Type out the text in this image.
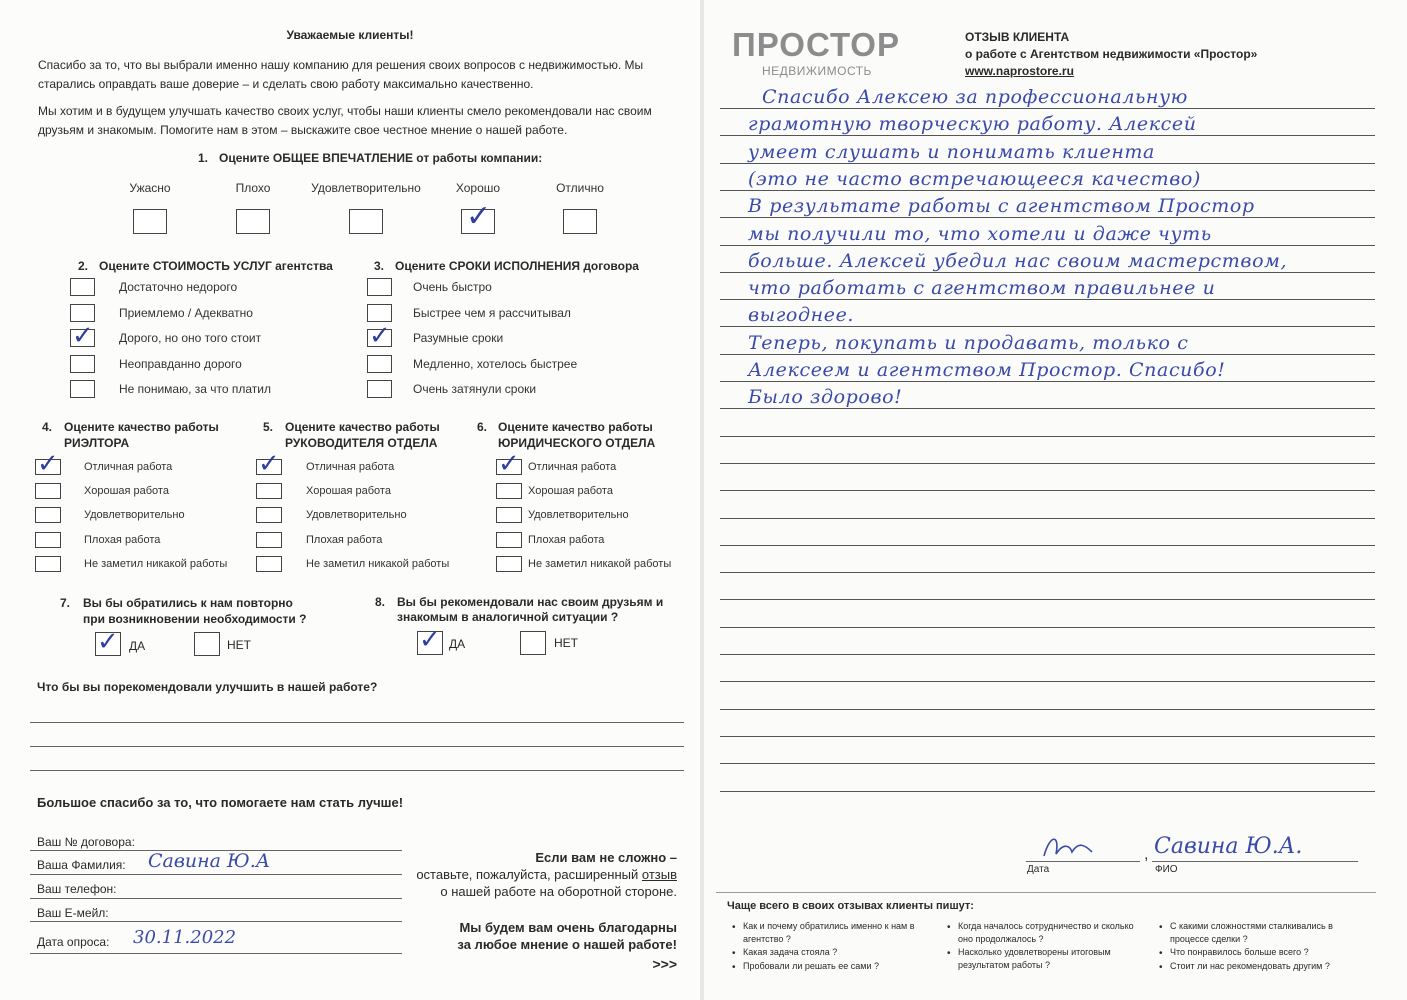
Уважаемые клиенты!
Спасибо за то, что вы выбрали именно нашу компанию для решения своих вопросов с недвижимостью. Мы старались оправдать ваше доверие – и сделать свою работу максимально качественно.
Мы хотим и в будущем улучшать качество своих услуг, чтобы наши клиенты смело рекомендовали нас своим друзьям и знакомым. Помогите нам в этом – выскажите свое честное мнение о нашей работе.
1. Оцените ОБЩЕЕ ВПЕЧАТЛЕНИЕ от работы компании:
Ужасно	Плохо	Удовлетворительно	Хорошо
✓
Отлично
2. Оцените СТОИМОСТЬ УСЛУГ агентства	3. Оцените СРОКИ ИСПОЛНЕНИЯ договора
Достаточно недорого
Приемлемо / Адекватно
Дорого, но оно того стоит
✓
Неоправданно дорого
Не понимаю, за что платил
Очень быстро
Быстрее чем я рассчитывал
Разумные сроки
✓
Медленно, хотелось быстрее
Очень затянули сроки
4. Оцените качество работы
РИЭЛТОРА
5. Оцените качество работы
РУКОВОДИТЕЛЯ ОТДЕЛА
6. Оцените качество работы
ЮРИДИЧЕСКОГО ОТДЕЛА
Отличная работа
✓
Хорошая работа
Удовлетворительно
Плохая работа
Не заметил никакой работы
Отличная работа
✓
Хорошая работа
Удовлетворительно
Плохая работа
Не заметил никакой работы
Отличная работа
✓
Хорошая работа
Удовлетворительно
Плохая работа
Не заметил никакой работы
7. Вы бы обратились к нам повторно
при возникновении необходимости ?
✓ ДА	НЕТ
8. Вы бы рекомендовали нас своим друзьям и
знакомым в аналогичной ситуации ?
✓ ДА	НЕТ
Что бы вы порекомендовали улучшить в нашей работе?
Большое спасибо за то, что помогаете нам стать лучше!
Ваш № договора:
Ваша Фамилия: Савина Ю.А
Ваш телефон:
Ваш Е-мейл:
Дата опроса: 30.11.2022
Если вам не сложно –
оставьте, пожалуйста, расширенный отзыв
о нашей работе на оборотной стороне.
Мы будем вам очень благодарны
за любое мнение о нашей работе!
>>>
ПРОСТОР
НЕДВИЖИМОСТЬ
ОТЗЫВ КЛИЕНТА
о работе с Агентством недвижимости «Простор»
www.naprostore.ru
Спасибо Алексею за профессиональную
грамотную творческую работу. Алексей
умеет слушать и понимать клиента
(это не часто встречающееся качество)
В результате работы с агентством Простор
мы получили то, что хотели и даже чуть
больше. Алексей убедил нас своим мастерством,
что работать с агентством правильнее и
выгоднее.
Теперь, покупать и продавать, только с
Алексеем и агентством Простор. Спасибо!
Было здорово!
, Савина Ю.А.
Дата	ФИО
Чаще всего в своих отзывах клиенты пишут:
• Как и почему обратились именно к нам в агентство ?
• Какая задача стояла ?
• Пробовали ли решать ее сами ?
• Когда началось сотрудничество и сколько оно продолжалось ?
• Насколько удовлетворены итоговым результатом работы ?
• С какими сложностями сталкивались в процессе сделки ?
• Что понравилось больше всего ?
• Стоит ли нас рекомендовать другим ?
